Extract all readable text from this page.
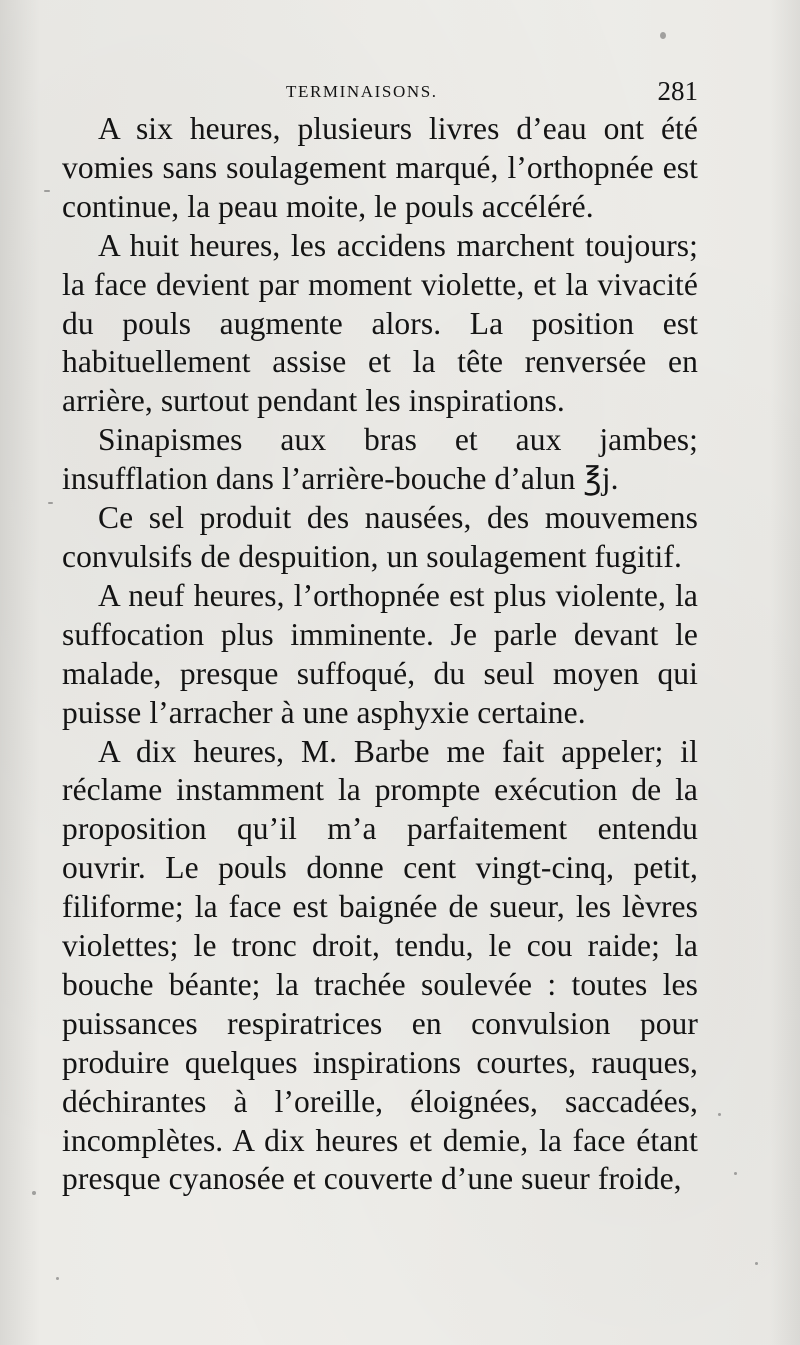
TERMINAISONS.	281

A six heures, plusieurs livres d’eau ont été vomies sans soulagement marqué, l’orthopnée est continue, la peau moite, le pouls accéléré.

A huit heures, les accidens marchent toujours; la face devient par moment violette, et la vivacité du pouls augmente alors. La position est habituellement assise et la tête renversée en arrière, surtout pendant les inspirations.

Sinapismes aux bras et aux jambes; insufflation dans l’arrière-bouche d’alun ℥j.

Ce sel produit des nausées, des mouvemens convulsifs de despuition, un soulagement fugitif.

A neuf heures, l’orthopnée est plus violente, la suffocation plus imminente. Je parle devant le malade, presque suffoqué, du seul moyen qui puisse l’arracher à une asphyxie certaine.

A dix heures, M. Barbe me fait appeler; il réclame instamment la prompte exécution de la proposition qu’il m’a parfaitement entendu ouvrir. Le pouls donne cent vingt-cinq, petit, filiforme; la face est baignée de sueur, les lèvres violettes; le tronc droit, tendu, le cou raide; la bouche béante; la trachée soulevée : toutes les puissances respiratrices en convulsion pour produire quelques inspirations courtes, rauques, déchirantes à l’oreille, éloignées, saccadées, incomplètes. A dix heures et demie, la face étant presque cyanosée et couverte d’une sueur froide,
